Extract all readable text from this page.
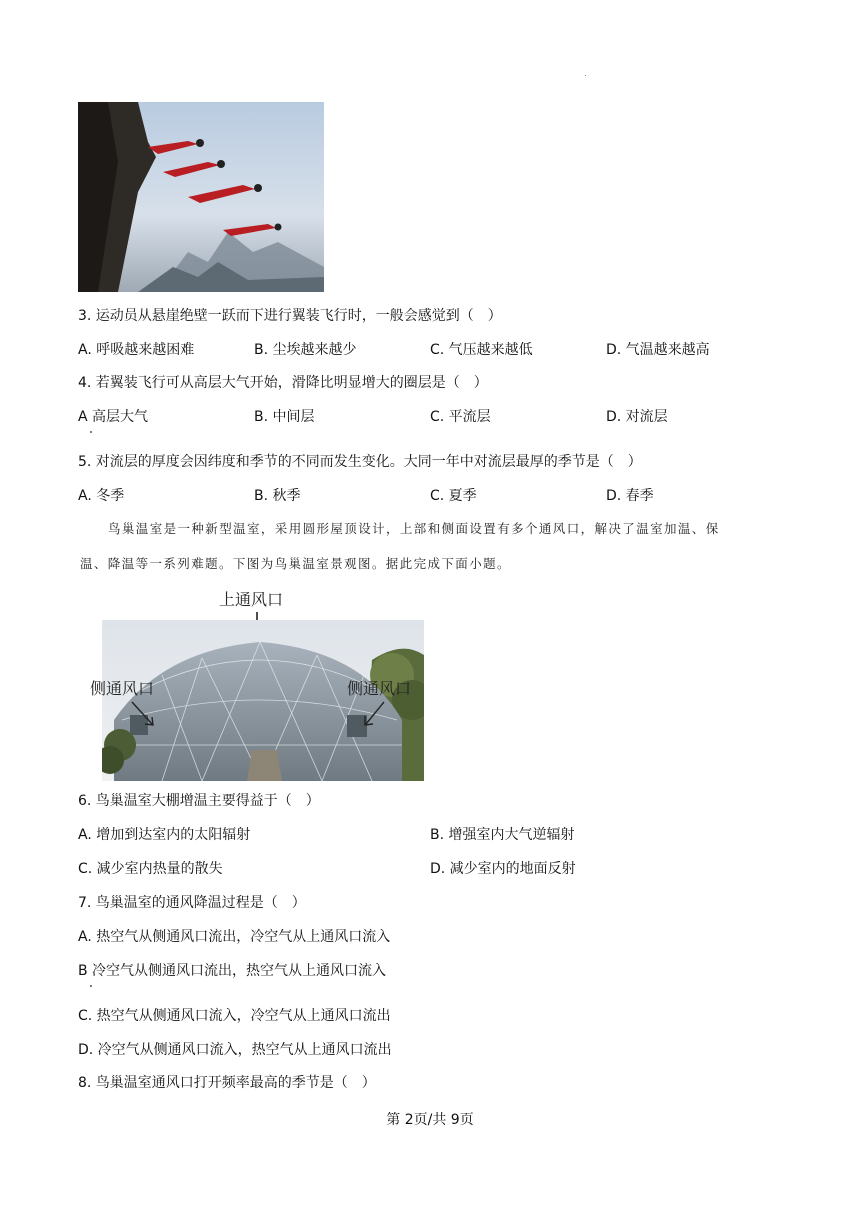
3. 运动员从悬崖绝壁一跃而下进行翼装飞行时，一般会感觉到（　）
A. 呼吸越来越困难	B. 尘埃越来越少	C. 气压越来越低	D. 气温越来越高
4. 若翼装飞行可从高层大气开始，滑降比明显增大的圈层是（　）
A 高层大气	B. 中间层	C. 平流层	D. 对流层
5. 对流层的厚度会因纬度和季节的不同而发生变化。大同一年中对流层最厚的季节是（　）
A. 冬季	B. 秋季	C. 夏季	D. 春季
鸟巢温室是一种新型温室，采用圆形屋顶设计，上部和侧面设置有多个通风口，解决了温室加温、保
温、降温等一系列难题。下图为鸟巢温室景观图。据此完成下面小题。
上通风口
侧通风口	侧通风口
6. 鸟巢温室大棚增温主要得益于（　）
A. 增加到达室内的太阳辐射	B. 增强室内大气逆辐射
C. 减少室内热量的散失	D. 减少室内的地面反射
7. 鸟巢温室的通风降温过程是（　）
A. 热空气从侧通风口流出，冷空气从上通风口流入
B 冷空气从侧通风口流出，热空气从上通风口流入
C. 热空气从侧通风口流入，冷空气从上通风口流出
D. 冷空气从侧通风口流入，热空气从上通风口流出
8. 鸟巢温室通风口打开频率最高的季节是（　）
第 2页/共 9页
